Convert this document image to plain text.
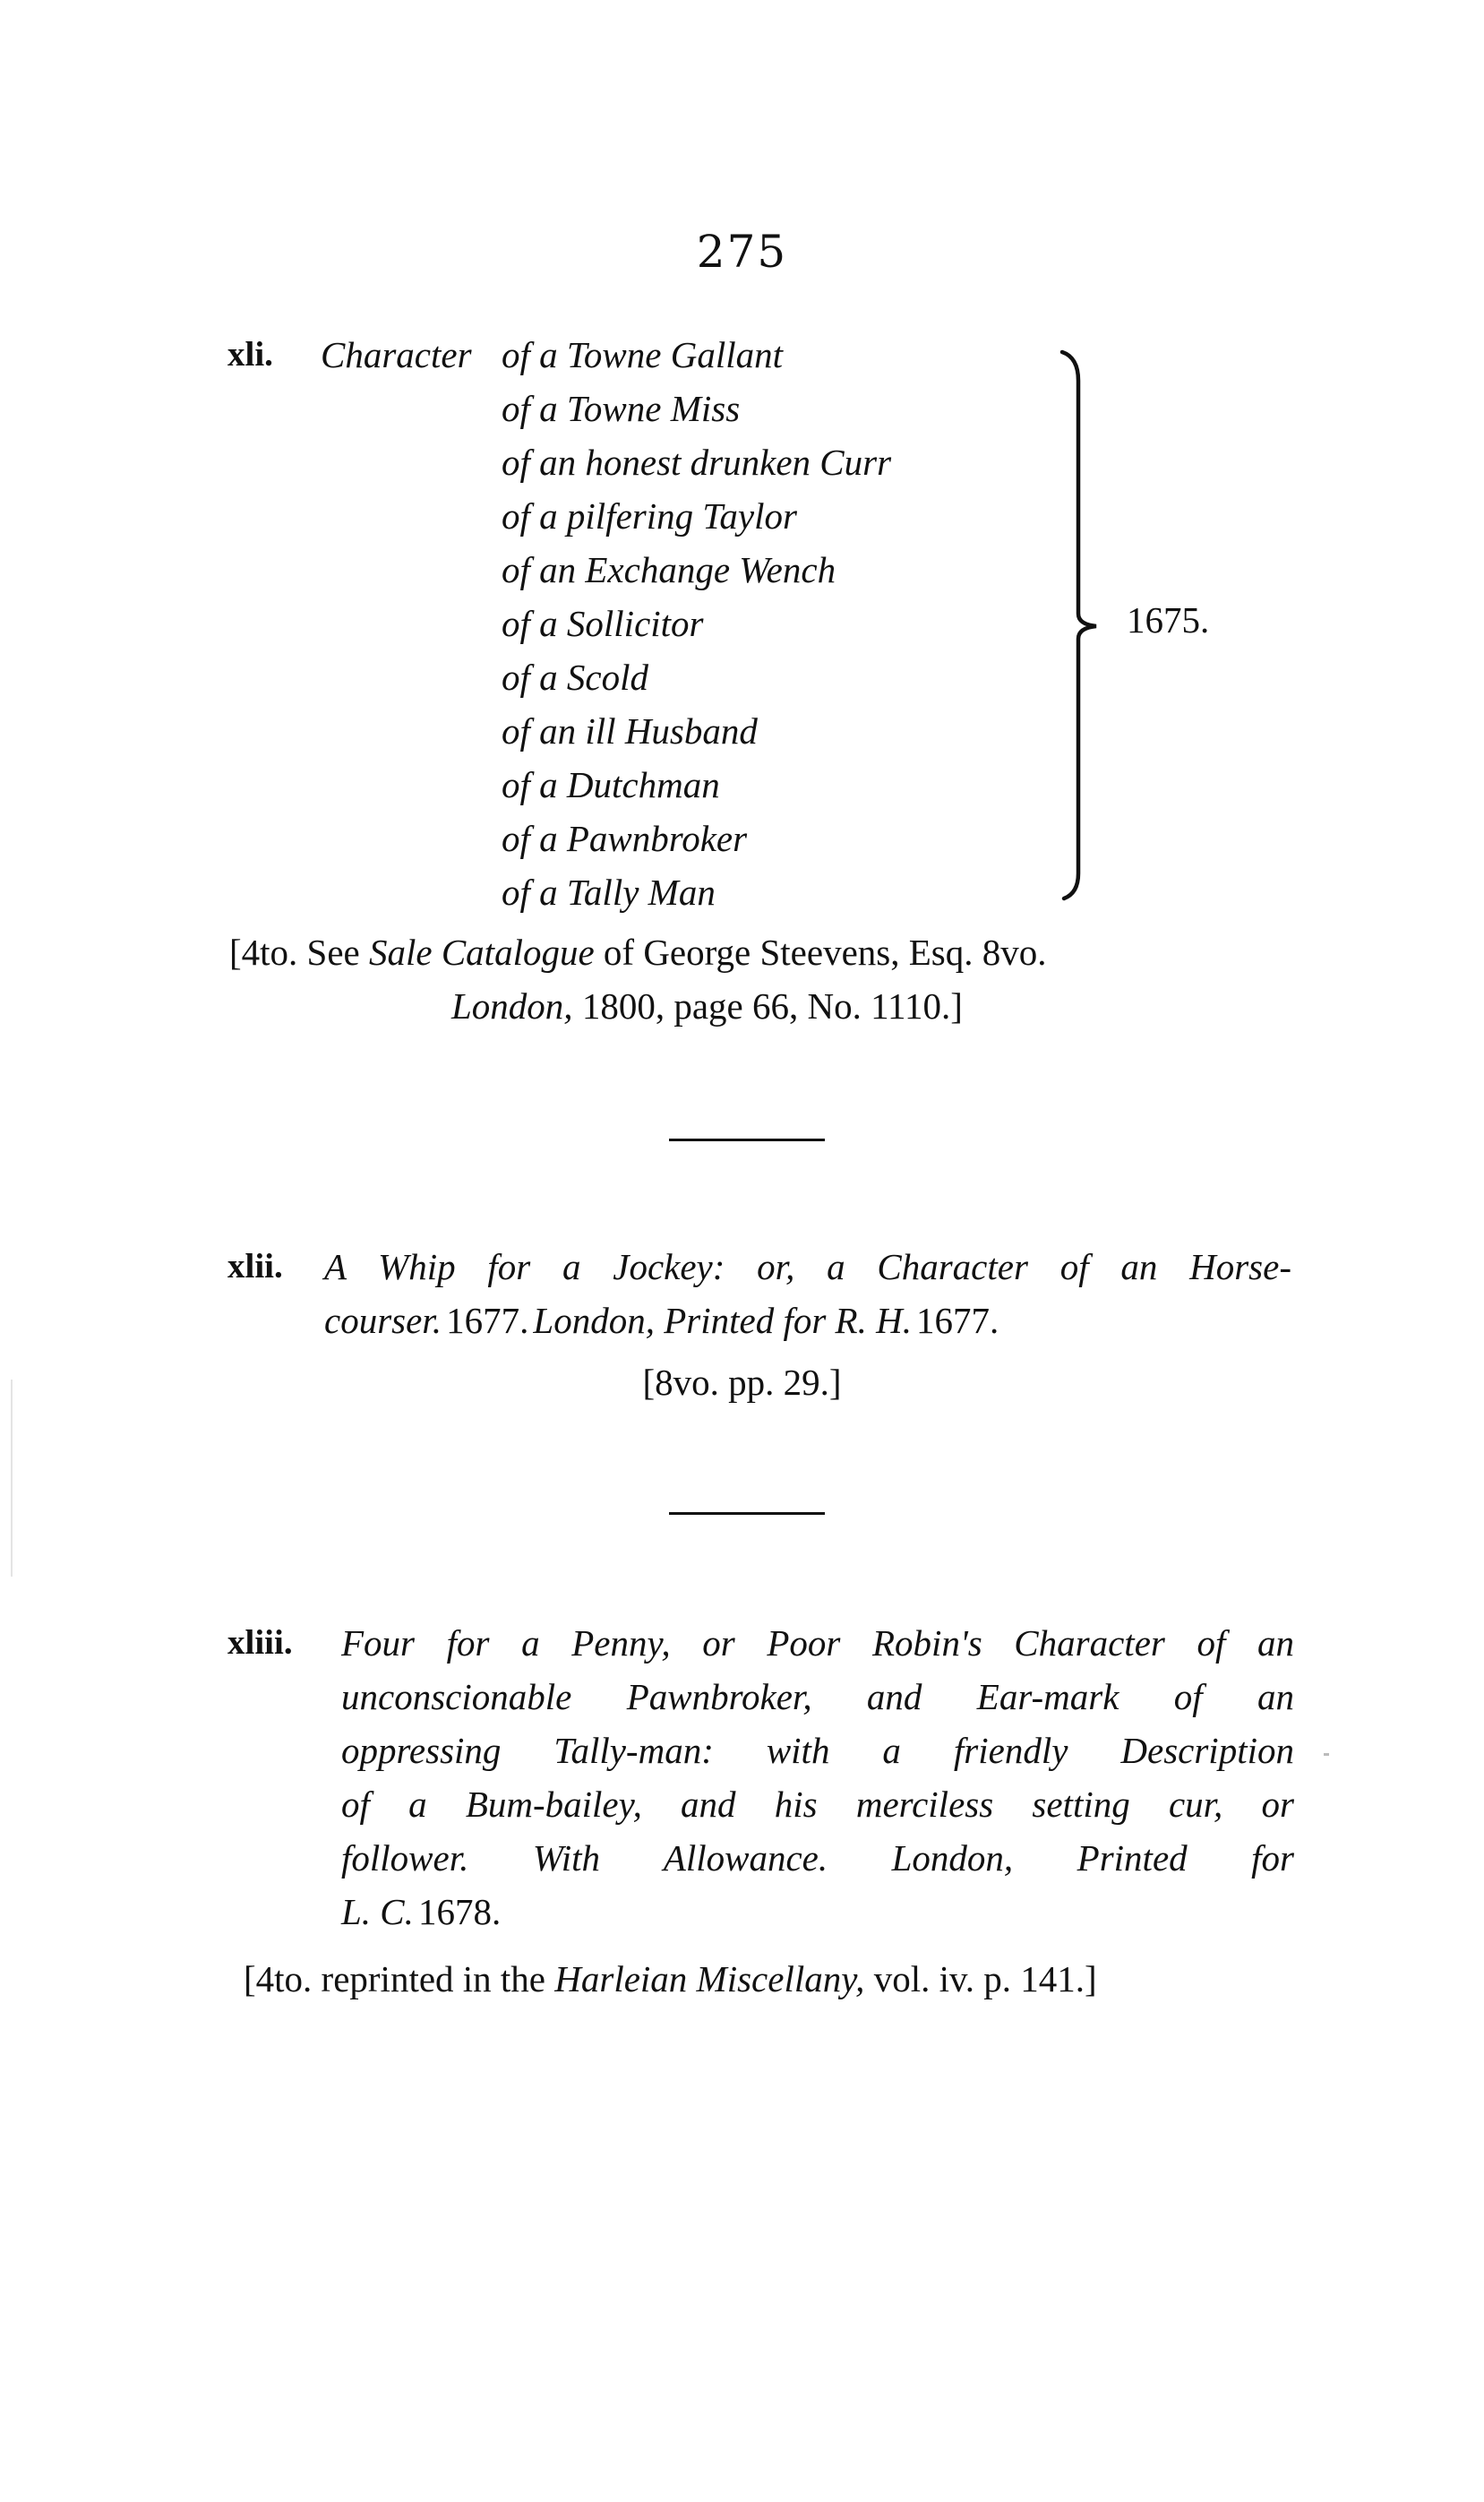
275
xli. Character of a Towne Gallant
of a Towne Miss
of an honest drunken Curr
of a pilfering Taylor
of an Exchange Wench
of a Sollicitor
of a Scold
of an ill Husband
of a Dutchman
of a Pawnbroker
of a Tally Man
1675.
[4to. See Sale Catalogue of George Steevens, Esq. 8vo.
London, 1800, page 66, No. 1110.]
xlii. A Whip for a Jockey: or, a Character of an Horse-
courser. 1677. London, Printed for R. H. 1677.
[8vo. pp. 29.]
xliii. Four for a Penny, or Poor Robin's Character of an
unconscionable Pawnbroker, and Ear-mark of an
oppressing Tally-man: with a friendly Description
of a Bum-bailey, and his merciless setting cur, or
follower. With Allowance. London, Printed for
L. C. 1678.
[4to. reprinted in the Harleian Miscellany, vol. iv. p. 141.]
